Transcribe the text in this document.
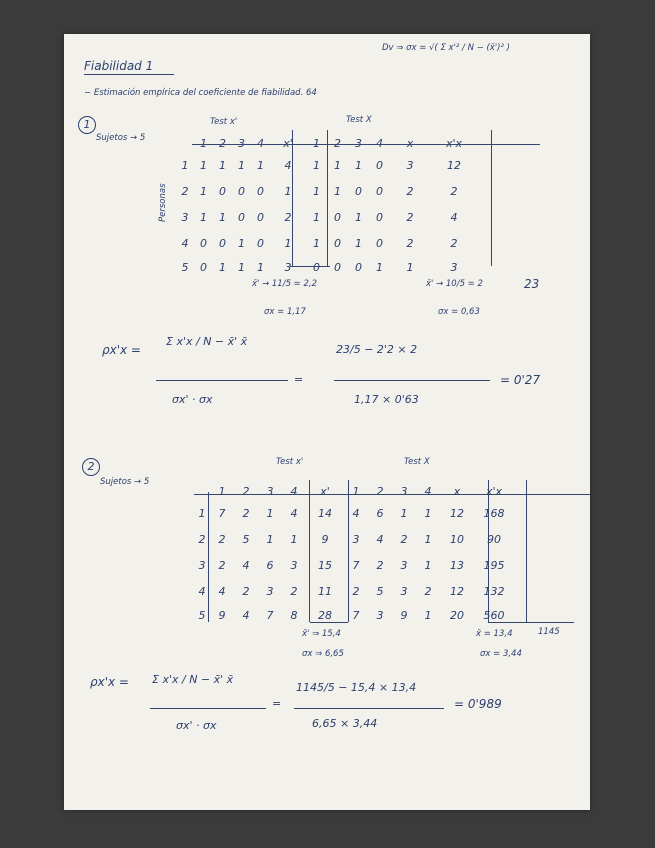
Fiabilidad 1
Dv ⇒ σx = √( Σ x'² / N − (x̄')² )
− Estimación empírica del coeficiente de fiabilidad. 64
1
Sujetos → 5
Test x'	Test X
Personas
1 2 3 4 x' 1 2 3 4 x	x'x
1 1 1 1 1 4 1 1 1 0 3	12
2 1 0 0 0 1 1 1 0 0 2	2
3 1 1 0 0 2 1 0 1 0 2	4
4 0 0 1 0 1 1 0 1 0 2	2
5 0 1 1 1 3 0 0 0 1 1	3
x̄' → 11/5 = 2,2
σx = 1,17
x̄' → 10/5 = 2	23
σx = 0,63
ρx'x =
Σ x'x / N − x̄' x̄
σx' · σx
=
23/5 − 2'2 × 2
1,17 × 0'63
= 0'27
2
Sujetos → 5
Test x'	Test X
1 2 3 4 x' 1 2 3 4 x x'x
1 7 2 1 4 14 4 6 1 1 12 168
2 2 5 1 1 9 3 4 2 1 10 90
3 2 4 6 3 15 7 2 3 1 13 195
4 4 2 3 2 11 2 5 3 2 12 132
5 9 4 7 8 28 7 3 9 1 20 560
x̄' ⇒ 15,4
σx ⇒ 6,65
x̄ = 13,4	1145
σx = 3,44
ρx'x = Σ x'x / N − x̄' x̄
σx' · σx
=
1145/5 − 15,4 × 13,4
6,65 × 3,44
= 0'989
